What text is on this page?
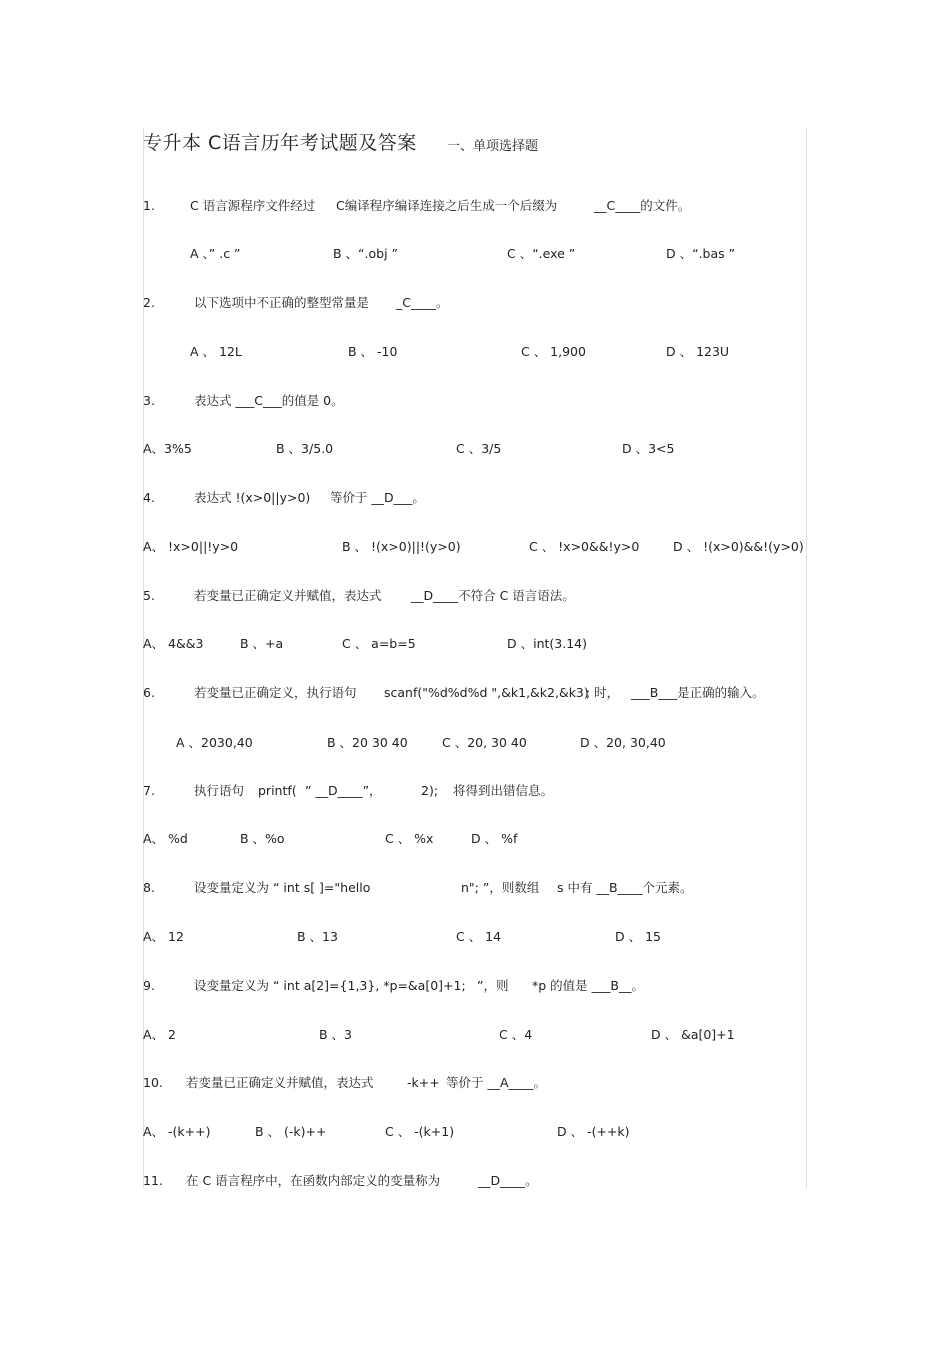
专升本 C语言历年考试题及答案 一、单项选择题
1.	C 语言源程序文件经过 C编译程序编译连接之后生成一个后缀为	__C____的文件。
A 、” .c ”	B 、“.obj ”	C 、“.exe ”	D 、“.bas ”
2.	以下选项中不正确的整型常量是 _C____。
A 、 12L	B 、 -10	C 、 1,900	D 、 123U
3.	表达式 ___C___的值是 0。
A、3%5	B 、3/5.0	C 、3/5	D 、3<5
4.	表达式 !(x>0||y>0) 等价于 __D___。
A、 !x>0||!y>0	B 、 !(x>0)||!(y>0)	C 、 !x>0&&!y>0	D 、 !(x>0)&&!(y>0)
5.	若变量已正确定义并赋值，表达式 __D____不符合 C 语言语法。
A、 4&&3	B 、+a	C 、 a=b=5	D 、int(3.14)
6.	若变量已正确定义，执行语句 scanf("%d%d%d ",&k1,&k2,&k3)
; 时， ___B___是正确的输入。
A 、2030,40	B 、20 30 40	C 、20, 30 40	D 、20, 30,40
7.	执行语句 printf( ” __D____”，	2); 将得到出错信息。
A、 %d	B 、%o	C 、 %x	D 、 %f
8.	设变量定义为 “ int s[ ]="hello	n"; ”，则数组 s 中有 __B____个元素。
A、 12	B 、13	C 、 14	D 、 15
9.	设变量定义为 “ int a[2]={1,3}, *p=&a[0]+1; ”，则 *p 的值是 ___B__。
A、 2	B 、3	C 、4	D 、 &a[0]+1
10. 若变量已正确定义并赋值，表达式	-k++ 等价于 __A____。
A、 -(k++)	B 、 (-k)++	C 、 -(k+1)	D 、 -(++k)
11. 在 C 语言程序中，在函数内部定义的变量称为	__D____。
